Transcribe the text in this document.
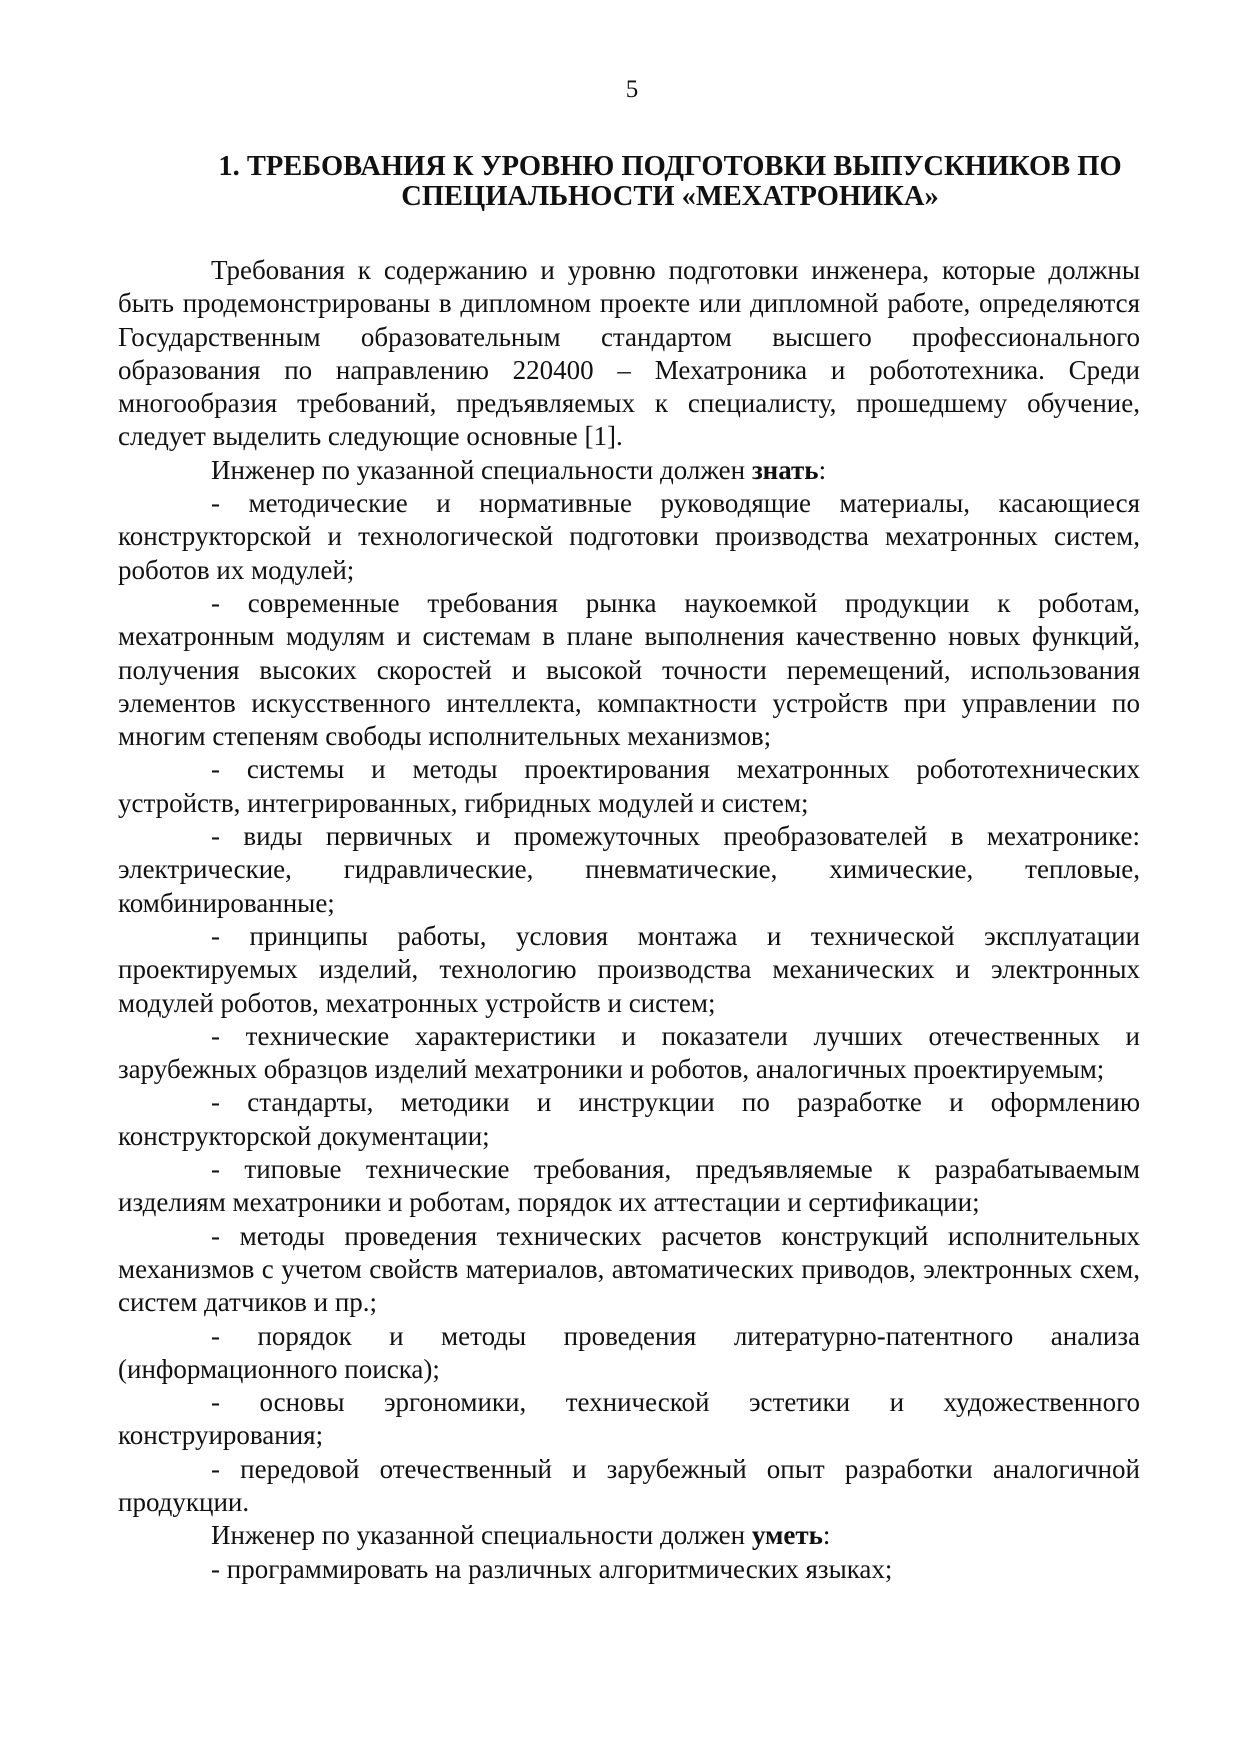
5
1. ТРЕБОВАНИЯ К УРОВНЮ ПОДГОТОВКИ ВЫПУСКНИКОВ ПО
СПЕЦИАЛЬНОСТИ «МЕХАТРОНИКА»

Требования к содержанию и уровню подготовки инженера, которые должны быть продемонстрированы в дипломном проекте или дипломной работе, определяются Государственным образовательным стандартом высшего профессионального образования по направлению 220400 – Мехатроника и робототехника. Среди многообразия требований, предъявляемых к специалисту, прошедшему обучение, следует выделить следующие основные [1].

Инженер по указанной специальности должен знать:

- методические и нормативные руководящие материалы, касающиеся конструкторской и технологической подготовки производства мехатронных систем, роботов их модулей;

- современные требования рынка наукоемкой продукции к роботам, мехатронным модулям и системам в плане выполнения качественно новых функций, получения высоких скоростей и высокой точности перемещений, использования элементов искусственного интеллекта, компактности устройств при управлении по многим степеням свободы исполнительных механизмов;

- системы и методы проектирования мехатронных робототехнических устройств, интегрированных, гибридных модулей и систем;

- виды первичных и промежуточных преобразователей в мехатронике: электрические, гидравлические, пневматические, химические, тепловые, комбинированные;

- принципы работы, условия монтажа и технической эксплуатации проектируемых изделий, технологию производства механических и электронных модулей роботов, мехатронных устройств и систем;

- технические характеристики и показатели лучших отечественных и зарубежных образцов изделий мехатроники и роботов, аналогичных проектируемым;

- стандарты, методики и инструкции по разработке и оформлению конструкторской документации;

- типовые технические требования, предъявляемые к разрабатываемым изделиям мехатроники и роботам, порядок их аттестации и сертификации;

- методы проведения технических расчетов конструкций исполнительных механизмов с учетом свойств материалов, автоматических приводов, электронных схем, систем датчиков и пр.;

- порядок и методы проведения литературно-патентного анализа (информационного поиска);

- основы эргономики, технической эстетики и художественного конструирования;

- передовой отечественный и зарубежный опыт разработки аналогичной продукции.

Инженер по указанной специальности должен уметь:

- программировать на различных алгоритмических языках;
